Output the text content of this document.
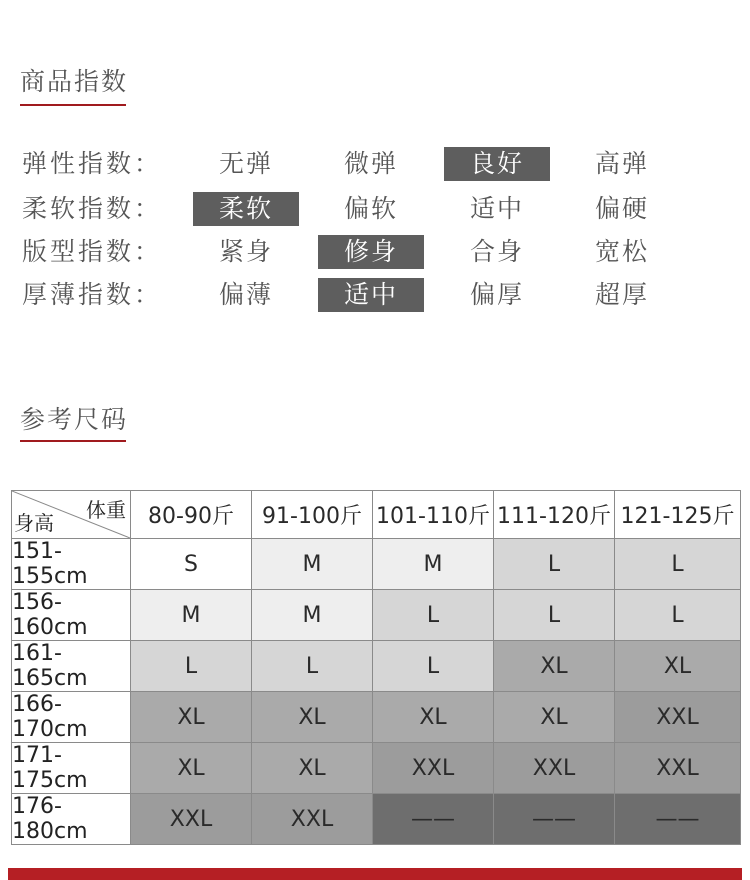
商品指数
弹性指数：	无弹	微弹	良好	高弹
柔软指数：	柔软	偏软	适中	偏硬
版型指数：	紧身	修身	合身	宽松
厚薄指数：	偏薄	适中	偏厚	超厚
参考尺码
体重
身高	80-90斤	91-100斤	101-110斤	111-120斤	121-125斤
151-155cm	S	M	M	L	L
156-160cm	M	M	L	L	L
161-165cm	L	L	L	XL	XL
166-170cm	XL	XL	XL	XL	XXL
171-175cm	XL	XL	XXL	XXL	XXL
176-180cm	XXL	XXL	——	——	——
